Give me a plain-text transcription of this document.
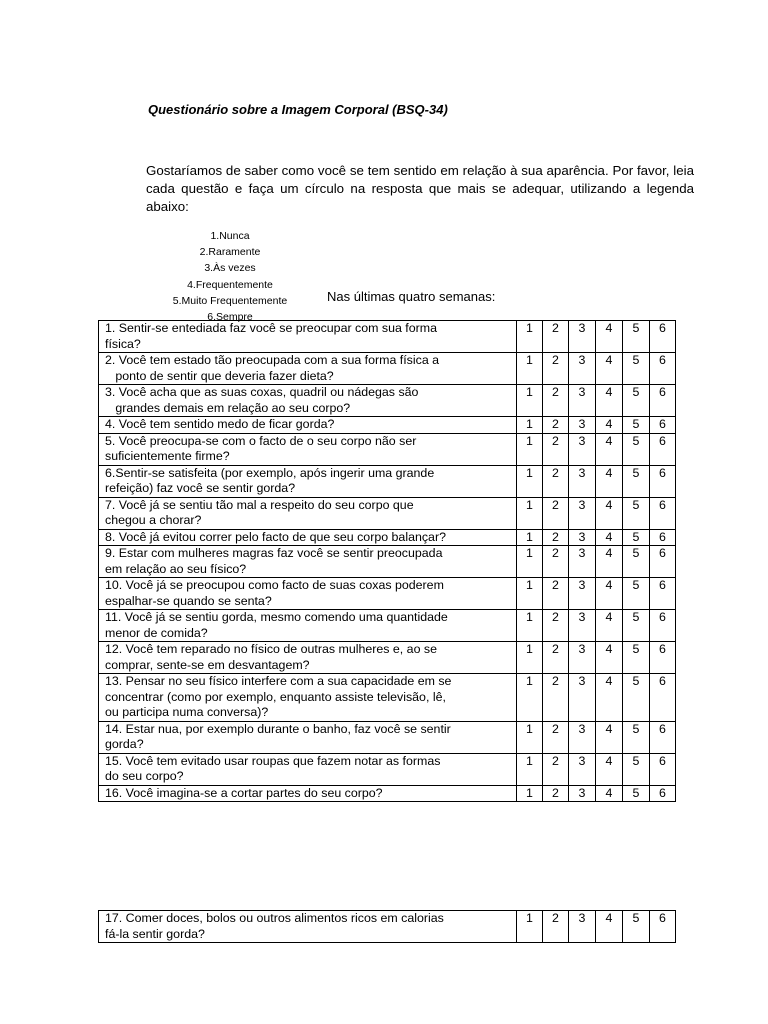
Questionário sobre a Imagem Corporal (BSQ-34)
Gostaríamos de saber como você se tem sentido em relação à sua aparência. Por favor, leia cada questão e faça um círculo na resposta que mais se adequar, utilizando a legenda abaixo:
1.Nunca
2.Raramente
3.Às vezes
4.Frequentemente
5.Muito Frequentemente
6.Sempre
Nas últimas quatro semanas:
1. Sentir-se entediada faz você se preocupar com sua forma
física?	1	2	3	4	5	6

2. Você tem estado tão preocupada com a sua forma física a
ponto de sentir que deveria fazer dieta?	1	2	3	4	5	6

3. Você acha que as suas coxas, quadril ou nádegas são
grandes demais em relação ao seu corpo?	1	2	3	4	5	6

4. Você tem sentido medo de ficar gorda?	1	2	3	4	5	6

5. Você preocupa-se com o facto de o seu corpo não ser
suficientemente firme?	1	2	3	4	5	6

6.Sentir-se satisfeita (por exemplo, após ingerir uma grande
refeição) faz você se sentir gorda?	1	2	3	4	5	6

7. Você já se sentiu tão mal a respeito do seu corpo que
chegou a chorar?	1	2	3	4	5	6

8. Você já evitou correr pelo facto de que seu corpo balançar?	1	2	3	4	5	6

9. Estar com mulheres magras faz você se sentir preocupada
em relação ao seu físico?	1	2	3	4	5	6

10. Você já se preocupou como facto de suas coxas poderem
espalhar-se quando se senta?	1	2	3	4	5	6

11. Você já se sentiu gorda, mesmo comendo uma quantidade
menor de comida?	1	2	3	4	5	6

12. Você tem reparado no físico de outras mulheres e, ao se
comprar, sente-se em desvantagem?	1	2	3	4	5	6

13. Pensar no seu físico interfere com a sua capacidade em se
concentrar (como por exemplo, enquanto assiste televisão, lê,
ou participa numa conversa)?	1	2	3	4	5	6

14. Estar nua, por exemplo durante o banho, faz você se sentir
gorda?	1	2	3	4	5	6

15. Você tem evitado usar roupas que fazem notar as formas
do seu corpo?	1	2	3	4	5	6

16. Você imagina-se a cortar partes do seu corpo?	1	2	3	4	5	6
17. Comer doces, bolos ou outros alimentos ricos em calorias
fá-la sentir gorda?
	1	2	3	4	5	6
